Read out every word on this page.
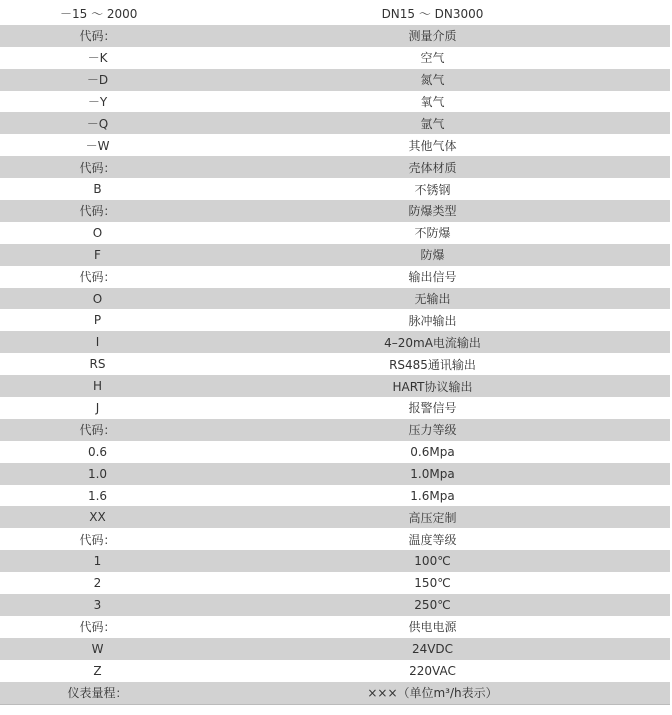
－15 ～ 2000	DN15 ～ DN3000
代码：	测量介质
－K	空气
－D	氮气
－Y	氧气
－Q	氩气
－W	其他气体
代码：	壳体材质
B	不锈钢
代码：	防爆类型
O	不防爆
F	防爆
代码：	输出信号
O	无输出
P	脉冲输出
I	4–20mA电流输出
RS	RS485通讯输出
H	HART协议输出
J	报警信号
代码：	压力等级
0.6	0.6Mpa
1.0	1.0Mpa
1.6	1.6Mpa
XX	高压定制
代码：	温度等级
1	100℃
2	150℃
3	250℃
代码：	供电电源
W	24VDC
Z	220VAC
仪表量程：	×××（单位m³/h表示）
